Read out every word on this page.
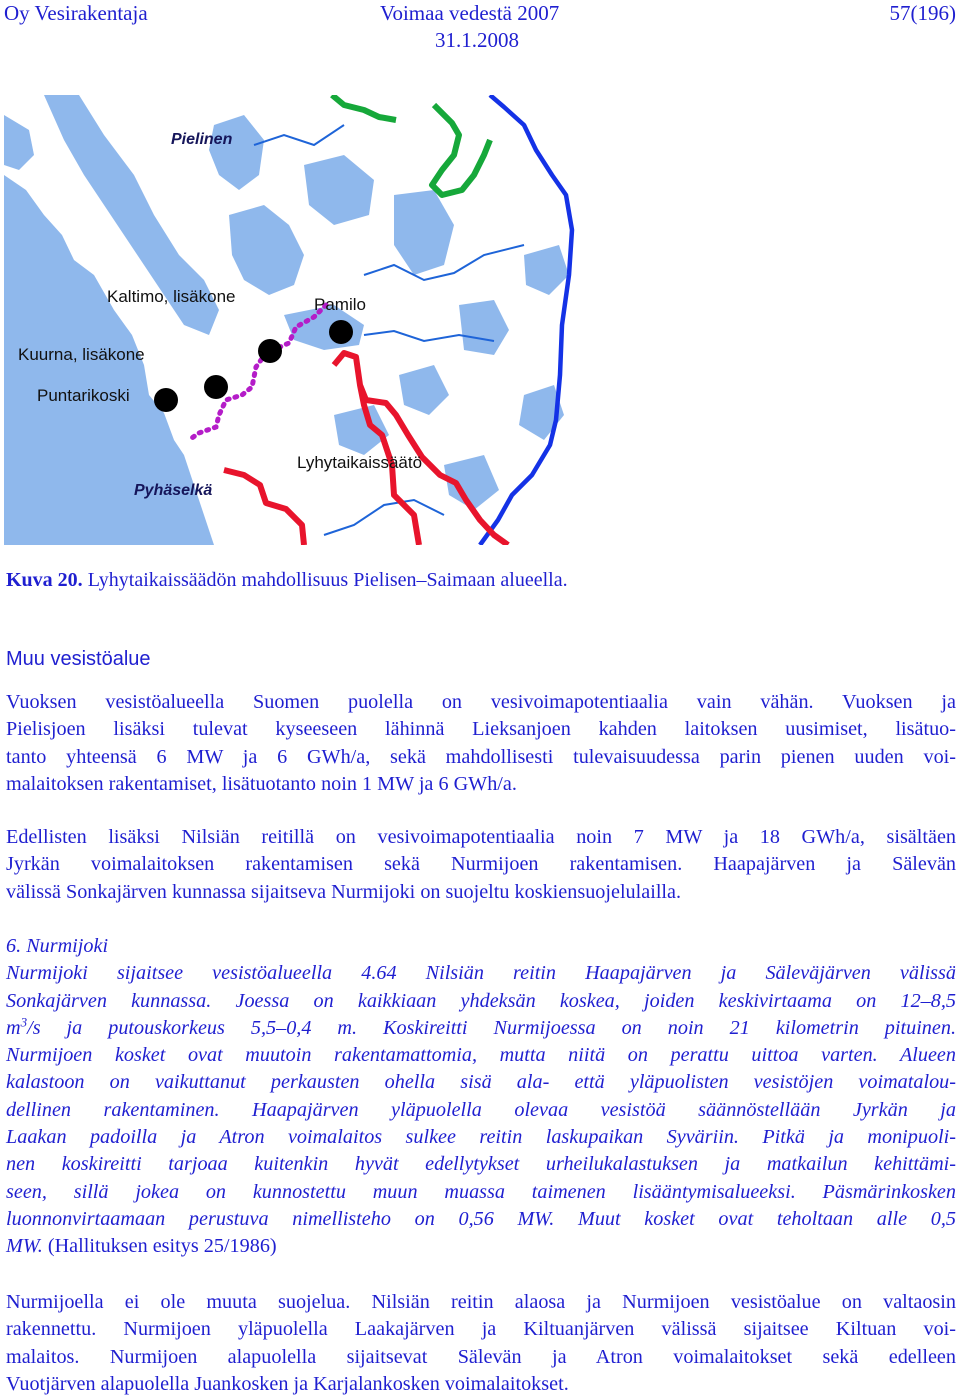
Oy Vesirakentaja	Voimaa vedestä 2007
31.1.2008
57(196)
Pielinen
Kaltimo, lisäkone	Pamilo
Kuurna, lisäkone
Puntarikoski
Lyhytaikaissäätö
Pyhäselkä
Kuva 20. Lyhytaikaissäädön mahdollisuus Pielisen–Saimaan alueella.
Muu vesistöalue
Vuoksen vesistöalueella Suomen puolella on vesivoimapotentiaalia vain vähän. Vuoksen ja
Pielisjoen lisäksi tulevat kyseeseen lähinnä Lieksanjoen kahden laitoksen uusimiset, lisätuo-
tanto yhteensä 6 MW ja 6 GWh/a, sekä mahdollisesti tulevaisuudessa parin pienen uuden voi-
malaitoksen rakentamiset, lisätuotanto noin 1 MW ja 6 GWh/a.
Edellisten lisäksi Nilsiän reitillä on vesivoimapotentiaalia noin 7 MW ja 18 GWh/a, sisältäen
Jyrkän voimalaitoksen rakentamisen sekä Nurmijoen rakentamisen. Haapajärven ja Sälevän
välissä Sonkajärven kunnassa sijaitseva Nurmijoki on suojeltu koskiensuojelulailla.
6. Nurmijoki
Nurmijoki sijaitsee vesistöalueella 4.64 Nilsiän reitin Haapajärven ja Säleväjärven välissä
Sonkajärven kunnassa. Joessa on kaikkiaan yhdeksän koskea, joiden keskivirtaama on 12–8,5
$m^3/s$ ja putouskorkeus 5,5–0,4 m. Koskireitti Nurmijoessa on noin 21 kilometrin pituinen.
Nurmijoen kosket ovat muutoin rakentamattomia, mutta niitä on perattu uittoa varten. Alueen
kalastoon on vaikuttanut perkausten ohella sisä ala- että yläpuolisten vesistöjen voimatalou-
dellinen rakentaminen. Haapajärven yläpuolella olevaa vesistöä säännöstellään Jyrkän ja
Laakan padoilla ja Atron voimalaitos sulkee reitin laskupaikan Syväriin. Pitkä ja monipuoli-
nen koskireitti tarjoaa kuitenkin hyvät edellytykset urheilukalastuksen ja matkailun kehittämi-
seen, sillä jokea on kunnostettu muun muassa taimenen lisääntymisalueeksi. Päsmärinkosken
luonnonvirtaamaan perustuva nimellisteho on 0,56 MW. Muut kosket ovat teholtaan alle 0,5
MW. (Hallituksen esitys 25/1986)
Nurmijoella ei ole muuta suojelua. Nilsiän reitin alaosa ja Nurmijoen vesistöalue on valtaosin
rakennettu. Nurmijoen yläpuolella Laakajärven ja Kiltuanjärven välissä sijaitsee Kiltuan voi-
malaitos. Nurmijoen alapuolella sijaitsevat Sälevän ja Atron voimalaitokset sekä edelleen
Vuotjärven alapuolella Juankosken ja Karjalankosken voimalaitokset.
